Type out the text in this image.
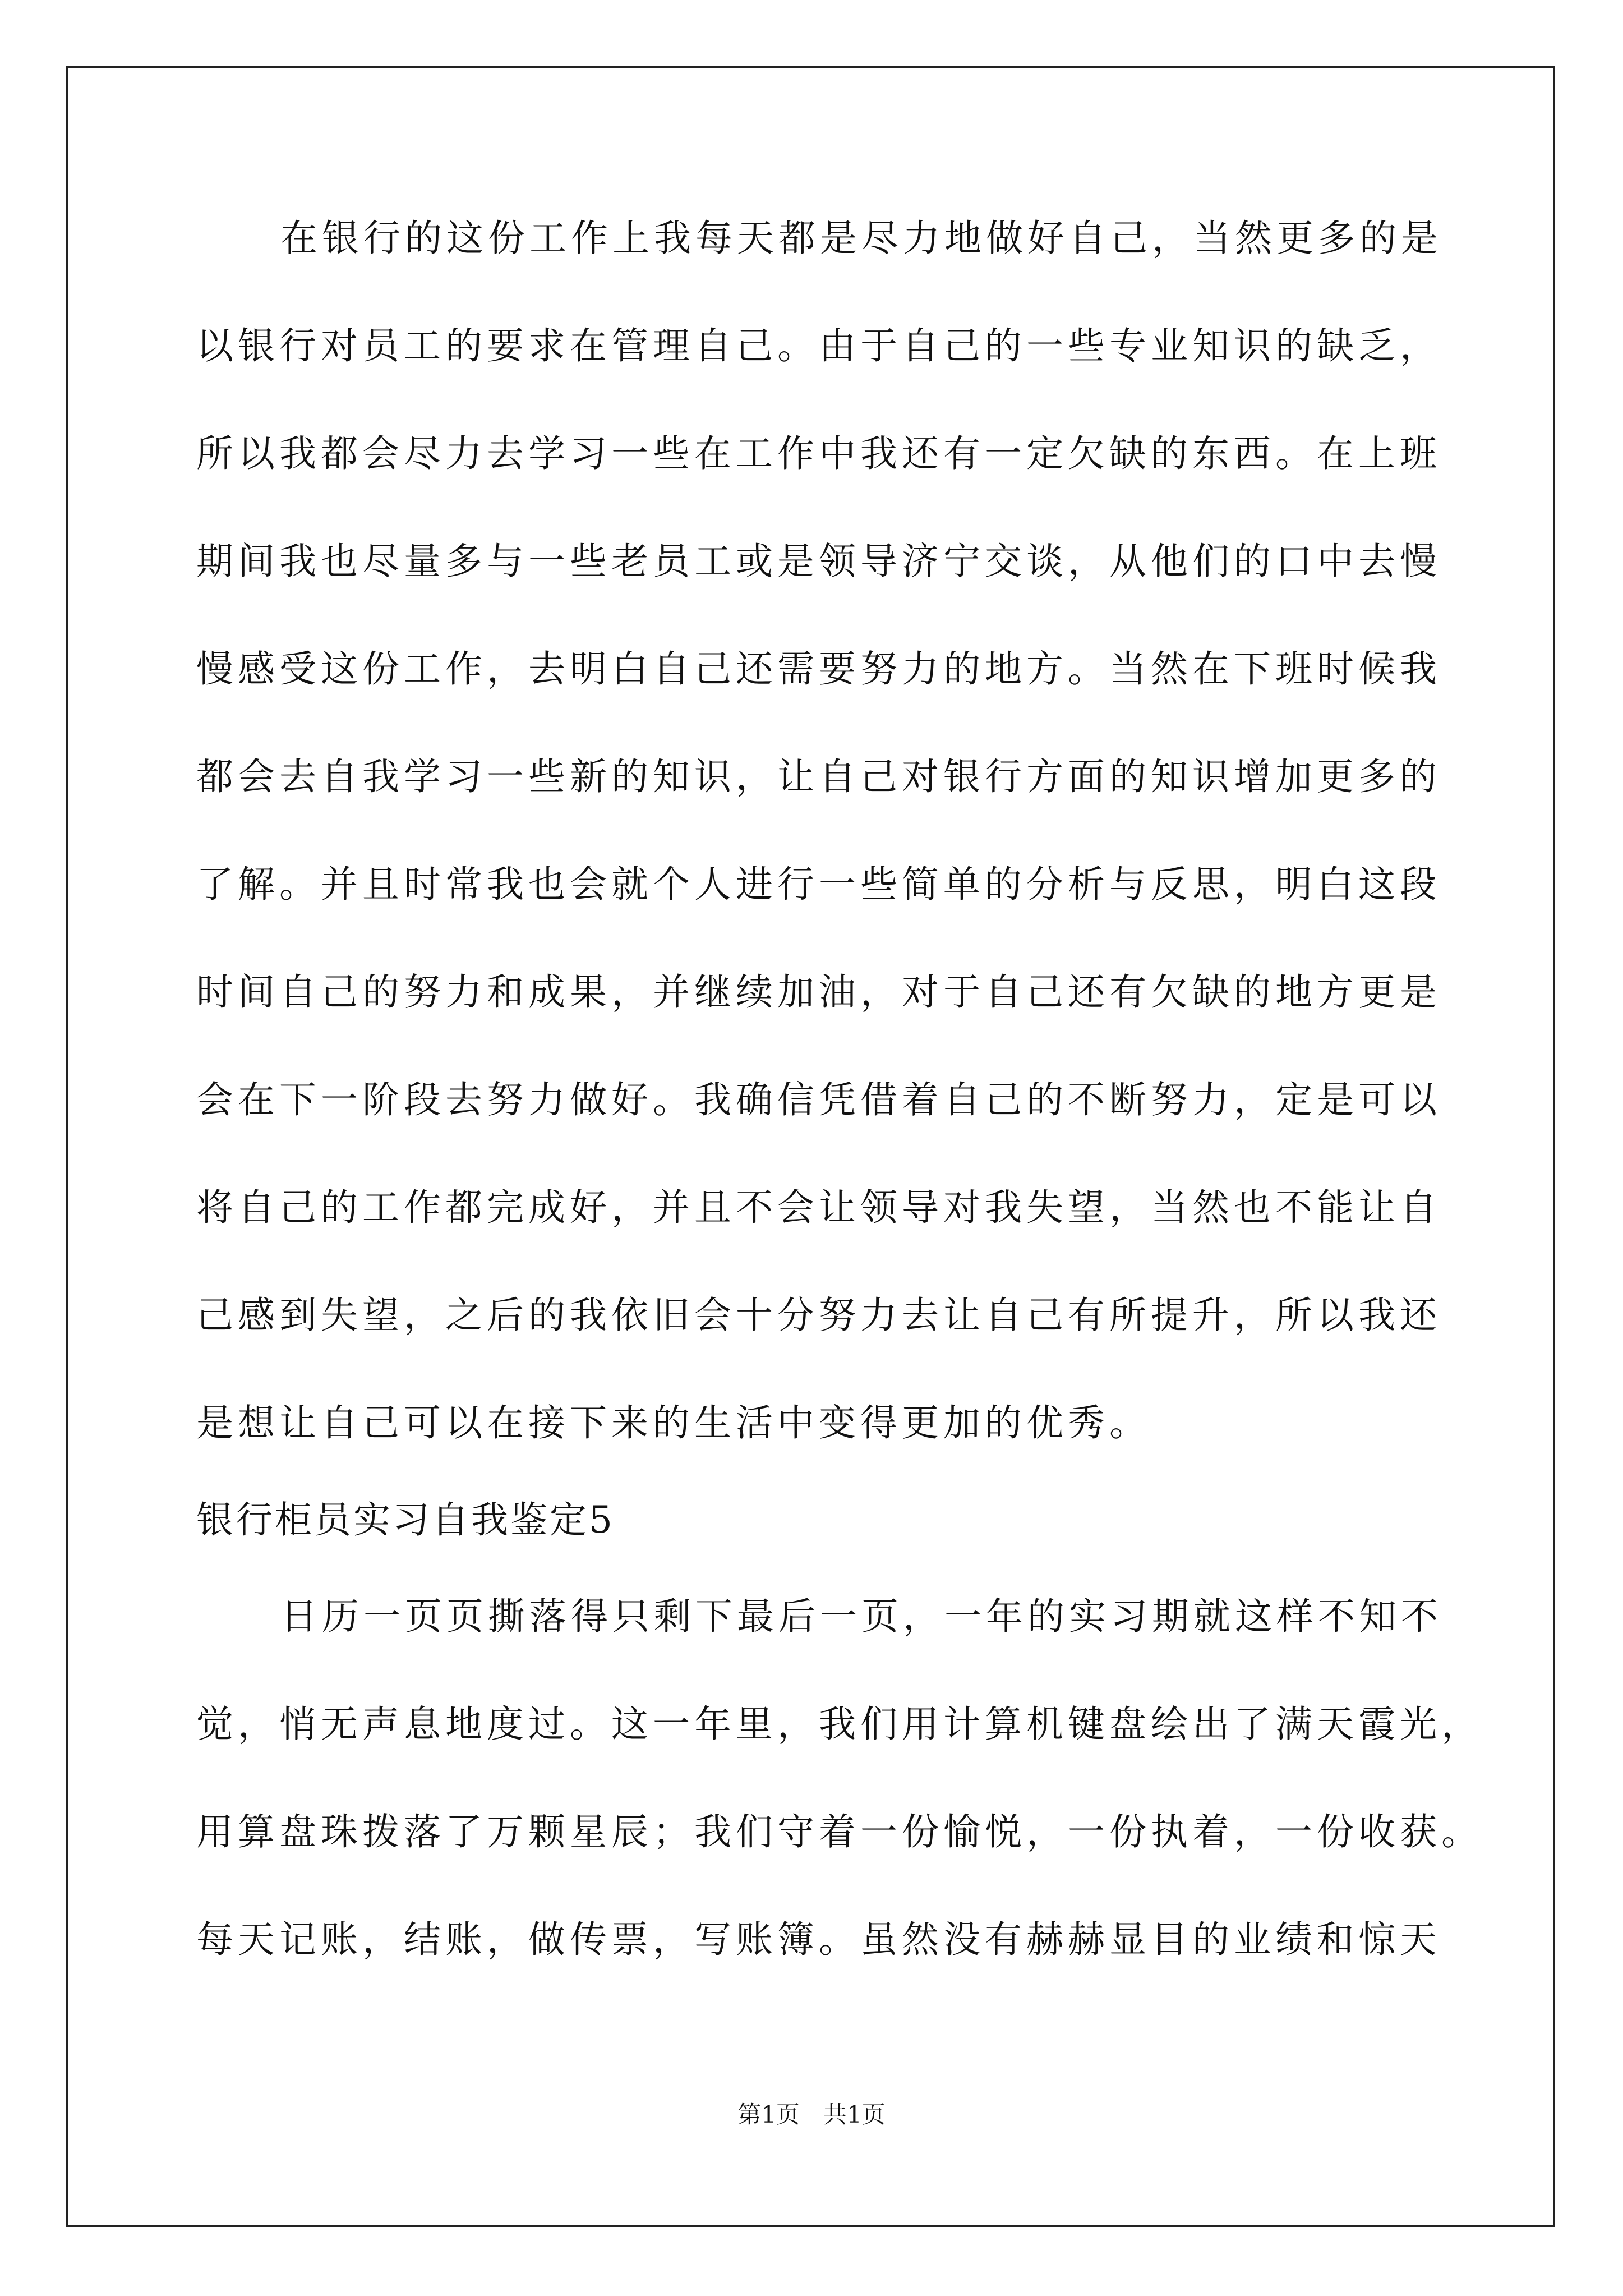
在银行的这份工作上我每天都是尽力地做好自己，当然更多的是
以银行对员工的要求在管理自己。由于自己的一些专业知识的缺乏，
所以我都会尽力去学习一些在工作中我还有一定欠缺的东西。在上班
期间我也尽量多与一些老员工或是领导济宁交谈，从他们的口中去慢
慢感受这份工作，去明白自己还需要努力的地方。当然在下班时候我
都会去自我学习一些新的知识，让自己对银行方面的知识增加更多的
了解。并且时常我也会就个人进行一些简单的分析与反思，明白这段
时间自己的努力和成果，并继续加油，对于自己还有欠缺的地方更是
会在下一阶段去努力做好。我确信凭借着自己的不断努力，定是可以
将自己的工作都完成好，并且不会让领导对我失望，当然也不能让自
己感到失望，之后的我依旧会十分努力去让自己有所提升，所以我还
是想让自己可以在接下来的生活中变得更加的优秀。
银行柜员实习自我鉴定5
日历一页页撕落得只剩下最后一页，一年的实习期就这样不知不
觉，悄无声息地度过。这一年里，我们用计算机键盘绘出了满天霞光，
用算盘珠拨落了万颗星辰；我们守着一份愉悦，一份执着，一份收获。
每天记账，结账，做传票，写账簿。虽然没有赫赫显目的业绩和惊天
第1页 共1页
